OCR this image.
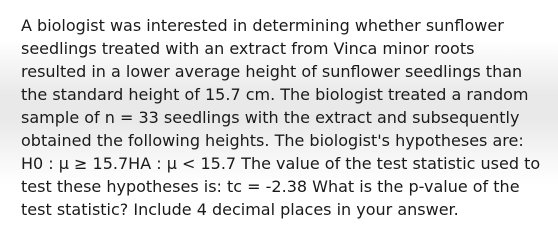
A biologist was interested in determining whether sunflower seedlings treated with an extract from Vinca minor roots resulted in a lower average height of sunflower seedlings than the standard height of 15.7 cm. The biologist treated a random sample of n = 33 seedlings with the extract and subsequently obtained the following heights. The biologist's hypotheses are: H0 : μ ≥ 15.7HA : μ < 15.7 The value of the test statistic used to test these hypotheses is: tc = -2.38 What is the p-value of the test statistic? Include 4 decimal places in your answer.
